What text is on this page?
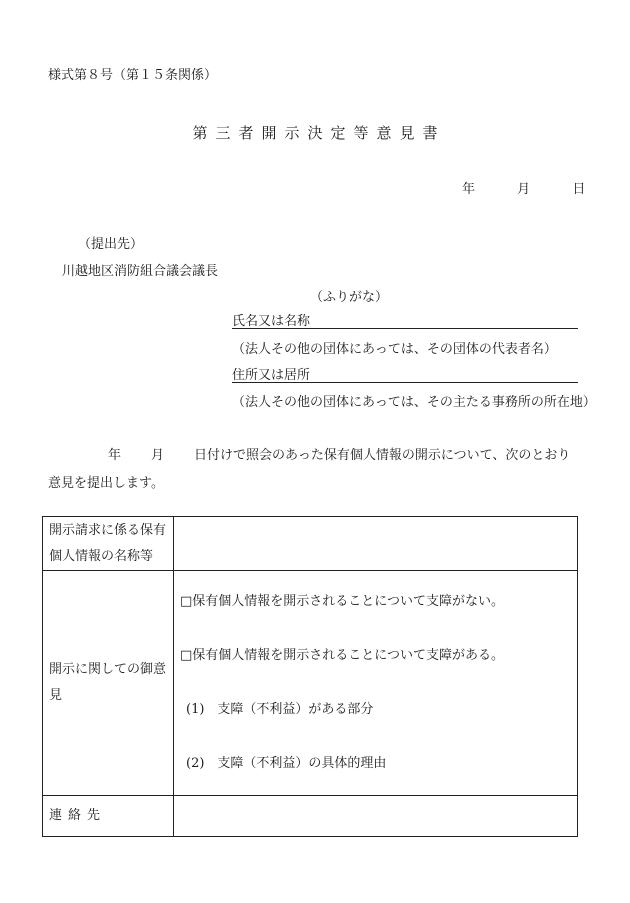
様式第８号（第１５条関係）
第三者開示決定等意見書
年	月	日
（提出先）
川越地区消防組合議会議長
（ふりがな）
氏名又は名称
（法人その他の団体にあっては、その団体の代表者名）
住所又は居所
（法人その他の団体にあっては、その主たる事務所の所在地）
年 月 日付けで照会のあった保有個人情報の開示について、次のとおり
意見を提出します。
開示請求に係る保有個人情報の名称等	
開示に関しての御意見	□保有個人情報を開示されることについて支障がない。
□保有個人情報を開示されることについて支障がある。
(1)　支障（不利益）がある部分
(2)　支障（不利益）の具体的理由

連絡先	
